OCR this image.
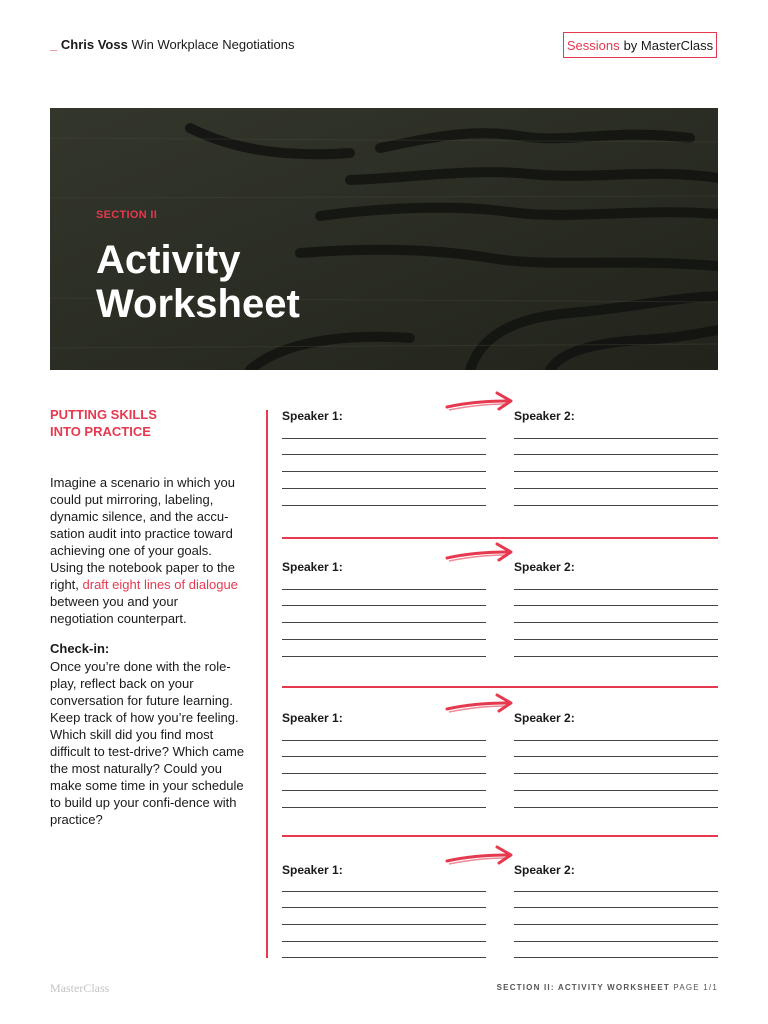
_ Chris Voss Win Workplace Negotiations	Sessions by MasterClass
SECTION II
Activity
Worksheet
PUTTING SKILLS
INTO PRACTICE
Imagine a scenario in which you could put mirroring, labeling, dynamic silence, and the accu-sation audit into practice toward achieving one of your goals. Using the notebook paper to the right, draft eight lines of dialogue between you and your negotiation counterpart.
Check-in:
Once you’re done with the role-play, reflect back on your conversation for future learning. Keep track of how you’re feeling. Which skill did you find most difficult to test-drive? Which came the most naturally? Could you make some time in your schedule to build up your confi-dence with practice?
Speaker 1:	Speaker 2:
Speaker 1:	Speaker 2:
Speaker 1:	Speaker 2:
Speaker 1:	Speaker 2:
MasterClass	SECTION II: ACTIVITY WORKSHEET PAGE 1/1
